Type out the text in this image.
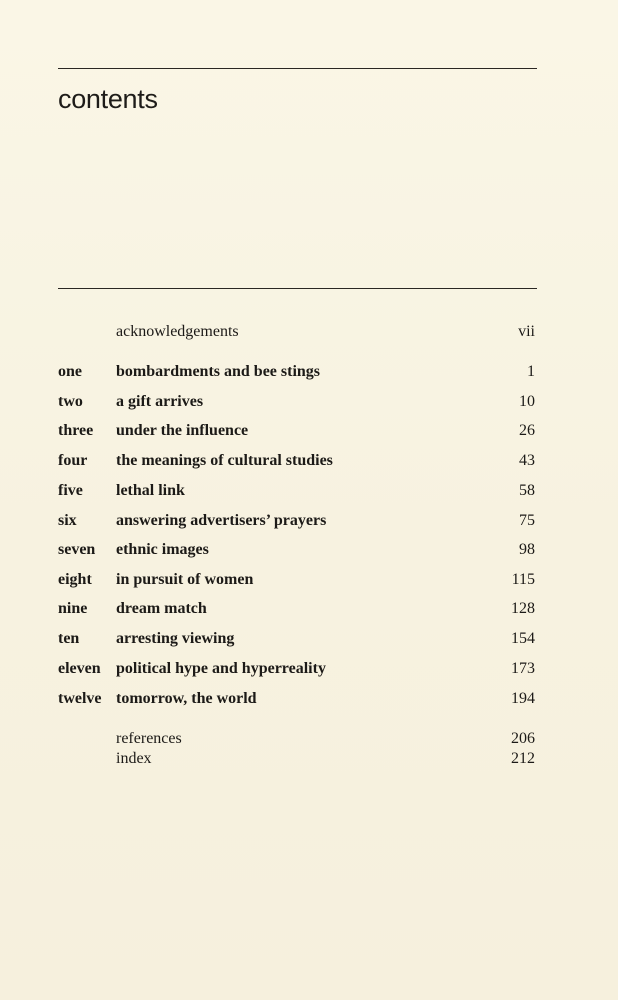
contents
acknowledgements	vii
one bombardments and bee stings	1
two a gift arrives	10
three under the influence	26
four the meanings of cultural studies	43
five lethal link	58
six answering advertisers’ prayers	75
seven ethnic images	98
eight in pursuit of women	115
nine dream match	128
ten arresting viewing	154
eleven political hype and hyperreality	173
twelve tomorrow, the world	194
references	206
index	212
